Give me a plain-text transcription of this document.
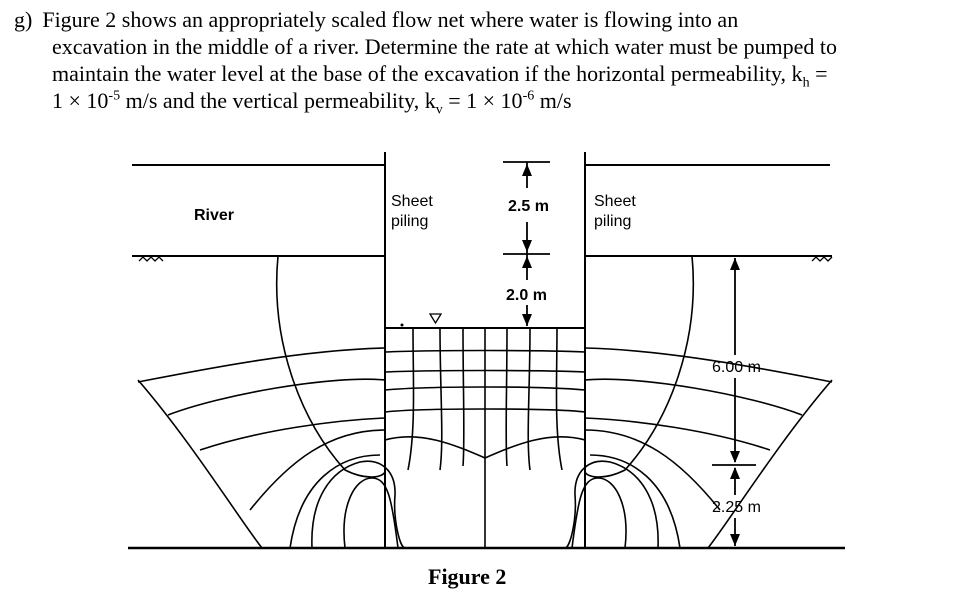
g) Figure 2 shows an appropriately scaled flow net where water is flowing into an
excavation in the middle of a river. Determine the rate at which water must be pumped to
maintain the water level at the base of the excavation if the horizontal permeability, $k_h$ =
$1 \times 10^{-5}$ m/s and the vertical permeability, $k_v = 1 \times 10^{-6}$ m/s
River
Sheet
piling
Sheet
piling
2.5 m
2.0 m
6.00 m
2.25 m
Figure 2
